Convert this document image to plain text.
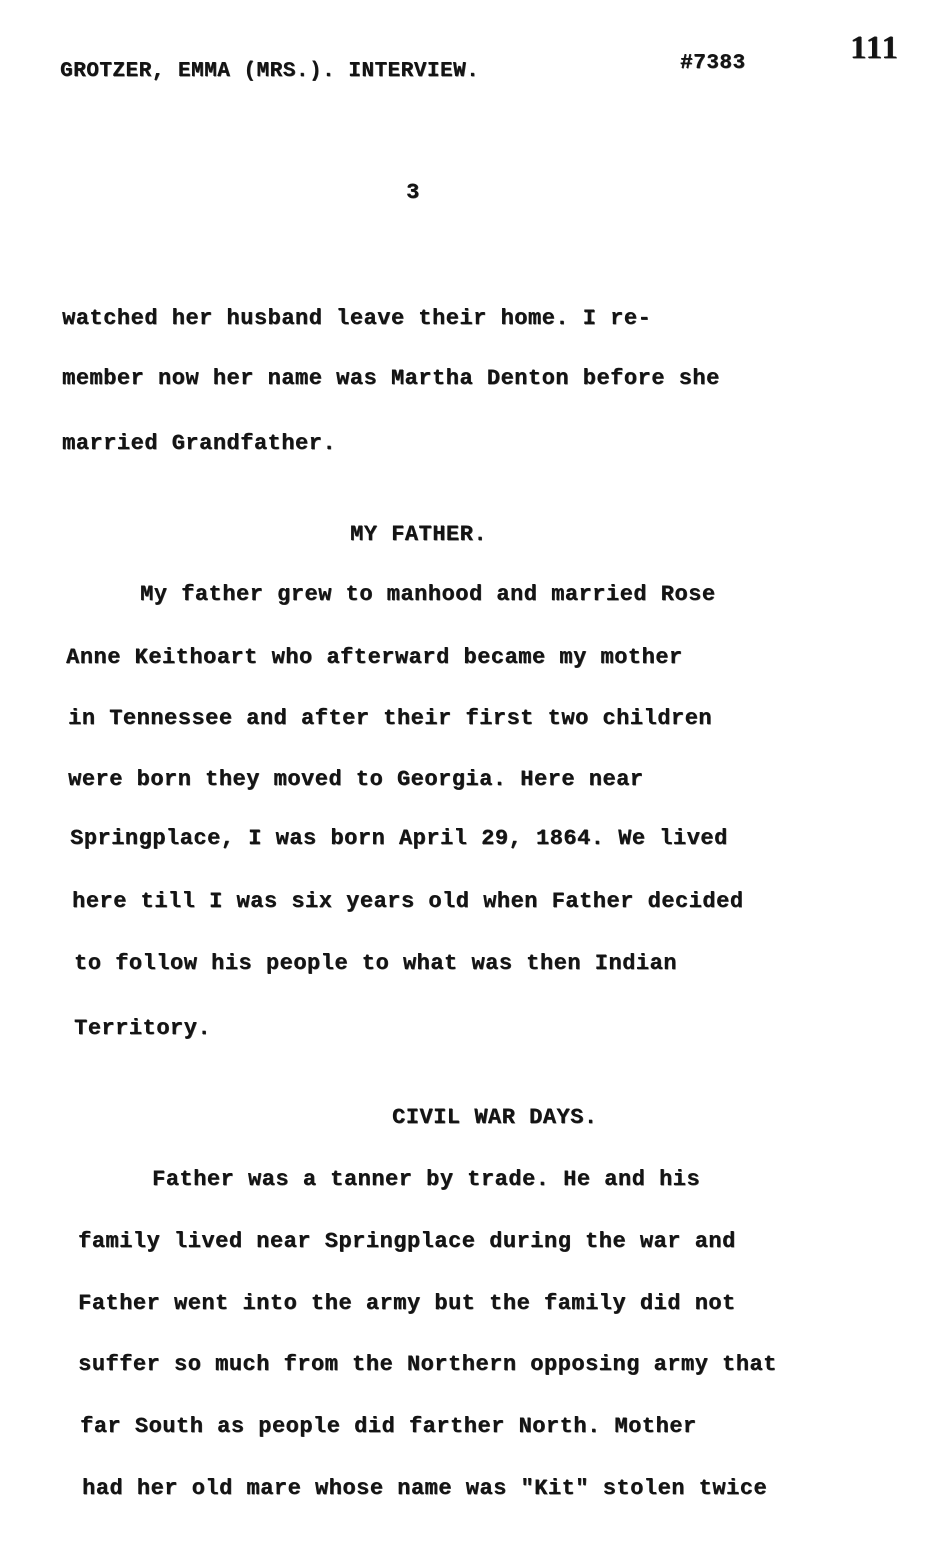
GROTZER, EMMA (MRS.). INTERVIEW.	#7383	111

3

watched her husband leave their home. I re-

member now her name was Martha Denton before she

married Grandfather.

MY FATHER.

My father grew to manhood and married Rose

Anne Keithoart who afterward became my mother

in Tennessee and after their first two children

were born they moved to Georgia. Here near

Springplace, I was born April 29, 1864. We lived

here till I was six years old when Father decided

to follow his people to what was then Indian

Territory.

CIVIL WAR DAYS.

Father was a tanner by trade. He and his

family lived near Springplace during the war and

Father went into the army but the family did not

suffer so much from the Northern opposing army that

far South as people did farther North. Mother

had her old mare whose name was "Kit" stolen twice
